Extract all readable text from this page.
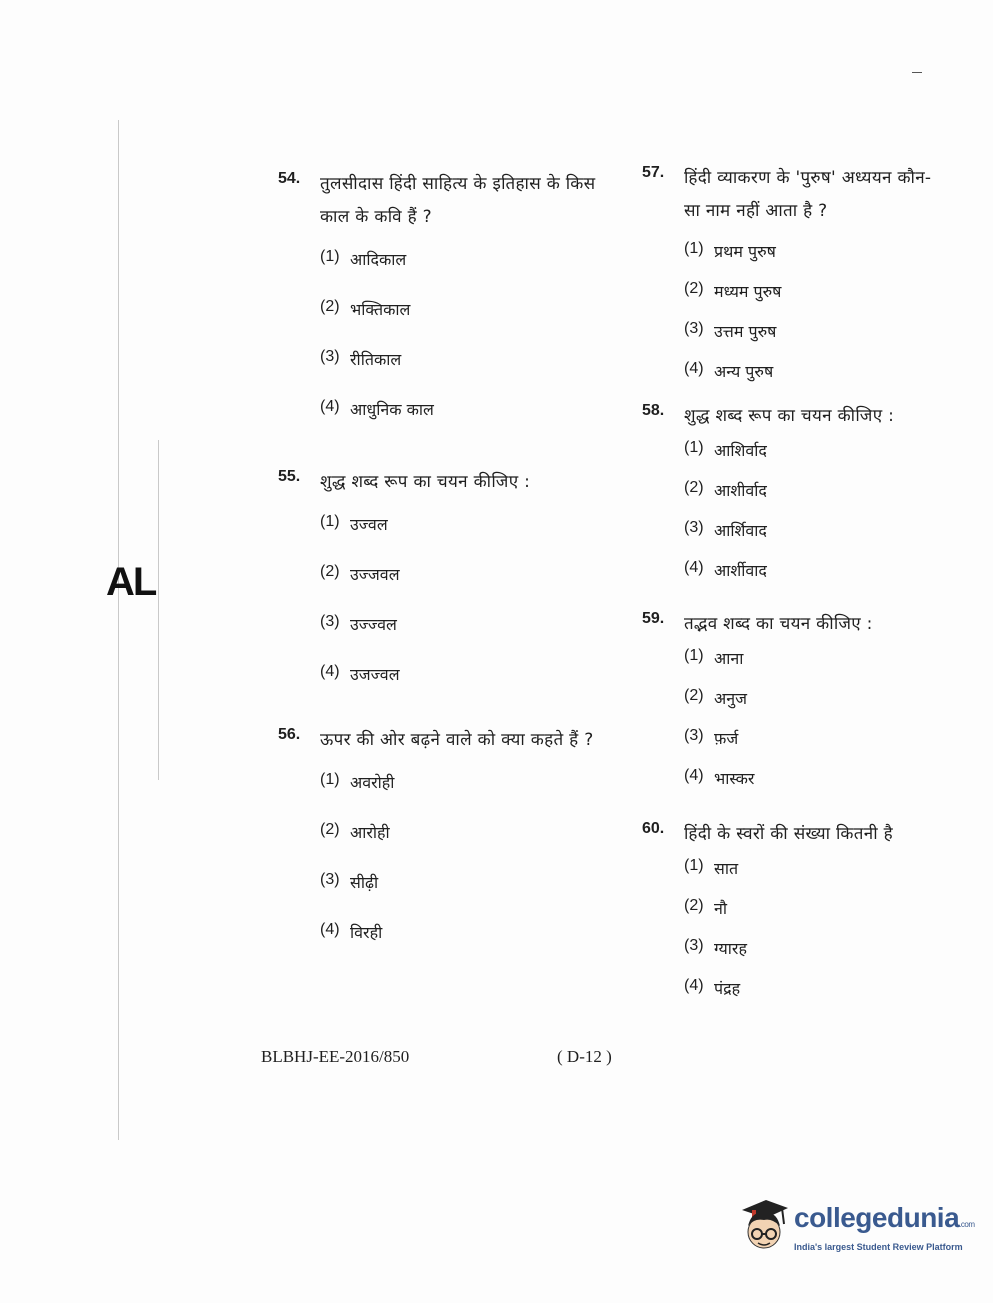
AL
54.	तुलसीदास हिंदी साहित्य के इतिहास के किस काल के कवि हैं ?
(1) आदिकाल
(2) भक्तिकाल
(3) रीतिकाल
(4) आधुनिक काल
55.	शुद्ध शब्द रूप का चयन कीजिए :
(1) उज्वल
(2) उज्जवल
(3) उज्ज्वल
(4) उजज्वल
56.	ऊपर की ओर बढ़ने वाले को क्या कहते हैं ?
(1) अवरोही
(2) आरोही
(3) सीढ़ी
(4) विरही
57.	हिंदी व्याकरण के 'पुरुष' अध्ययन कौन-सा नाम नहीं आता है ?
(1) प्रथम पुरुष
(2) मध्यम पुरुष
(3) उत्तम पुरुष
(4) अन्य पुरुष
58.	शुद्ध शब्द रूप का चयन कीजिए :
(1) आशिर्वाद
(2) आशीर्वाद
(3) आर्शिवाद
(4) आर्शीवाद
59.	तद्भव शब्द का चयन कीजिए :
(1) आना
(2) अनुज
(3) फ़र्ज
(4) भास्कर
60.	हिंदी के स्वरों की संख्या कितनी है
(1) सात
(2) नौ
(3) ग्यारह
(4) पंद्रह
BLBHJ-EE-2016/850	( D-12 )
collegedunia.com
India's largest Student Review Platform
